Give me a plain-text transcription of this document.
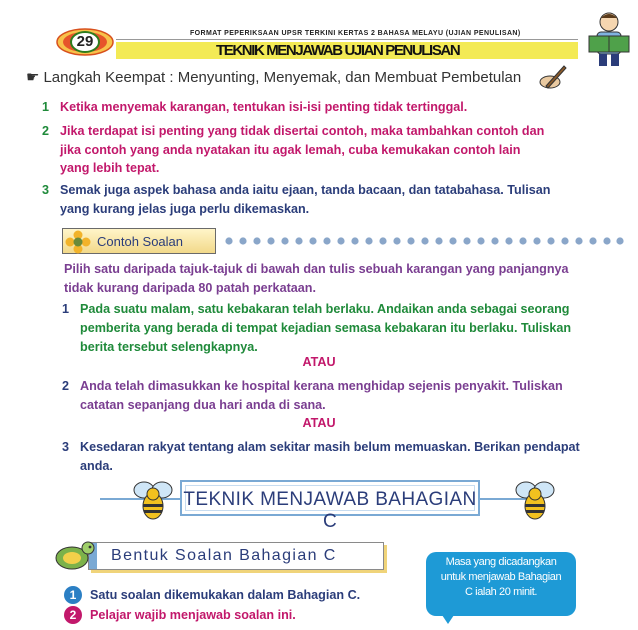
29	FORMAT PEPERIKSAAN UPSR TERKINI KERTAS 2 BAHASA MELAYU (UJIAN PENULISAN)
TEKNIK MENJAWAB UJIAN PENULISAN
☛ Langkah Keempat : Menyunting, Menyemak, dan Membuat Pembetulan
1 Ketika menyemak karangan, tentukan isi-isi penting tidak tertinggal.
2 Jika terdapat isi penting yang tidak disertai contoh, maka tambahkan contoh dan
jika contoh yang anda nyatakan itu agak lemah, cuba kemukakan contoh lain
yang lebih tepat.
3 Semak juga aspek bahasa anda iaitu ejaan, tanda bacaan, dan tatabahasa. Tulisan
yang kurang jelas juga perlu dikemaskan.
Contoh Soalan
Pilih satu daripada tajuk-tajuk di bawah dan tulis sebuah karangan yang panjangnya
tidak kurang daripada 80 patah perkataan.
1 Pada suatu malam, satu kebakaran telah berlaku. Andaikan anda sebagai seorang
pemberita yang berada di tempat kejadian semasa kebakaran itu berlaku. Tuliskan
berita tersebut selengkapnya.
ATAU
2 Anda telah dimasukkan ke hospital kerana menghidap sejenis penyakit. Tuliskan
catatan sepanjang dua hari anda di sana.
ATAU
3 Kesedaran rakyat tentang alam sekitar masih belum memuaskan. Berikan pendapat
anda.
TEKNIK MENJAWAB BAHAGIAN C
Bentuk Soalan Bahagian C
1	Satu soalan dikemukakan dalam Bahagian C.
2	Pelajar wajib menjawab soalan ini.
Masa yang dicadangkan
untuk menjawab Bahagian
C ialah 20 minit.
